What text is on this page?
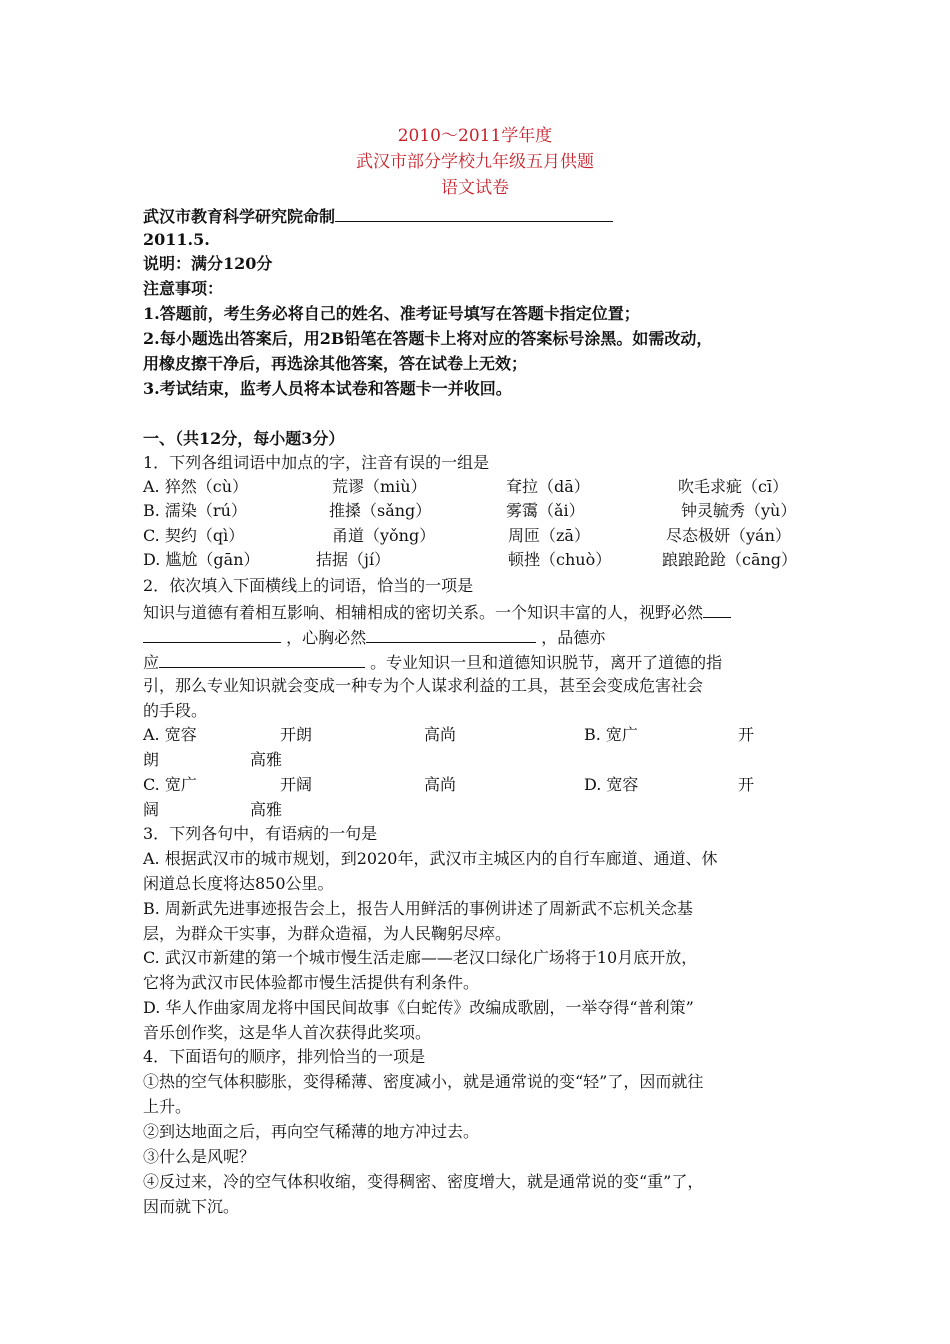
2010～2011学年度
武汉市部分学校九年级五月供题
语文试卷
武汉市教育科学研究院命制
2011.5.
说明：满分120分
注意事项：
1.答题前，考生务必将自己的姓名、准考证号填写在答题卡指定位置；
2.每小题选出答案后，用2B铅笔在答题卡上将对应的答案标号涂黑。如需改动，
用橡皮擦干净后，再选涂其他答案，答在试卷上无效；
3.考试结束，监考人员将本试卷和答题卡一并收回。
一、（共12分，每小题3分）
1．下列各组词语中加点的字，注音有误的一组是
A. 猝然（cù）	荒谬（miù）	耷拉（dā）	吹毛求疵（cī）
B. 濡染（rú）	推搡（sǎng）	雾霭（ǎi）	钟灵毓秀（yù）
C. 契约（qì）	甬道（yǒng）	周匝（zā）	尽态极妍（yán）
D. 尴尬（gān）	拮据（jí）	顿挫（chuò）	踉踉跄跄（cāng）
2．依次填入下面横线上的词语，恰当的一项是
知识与道德有着相互影响、相辅相成的密切关系。一个知识丰富的人，视野必然
，心胸必然	，品德亦
应	。专业知识一旦和道德知识脱节，离开了道德的指
引，那么专业知识就会变成一种专为个人谋求利益的工具，甚至会变成危害社会
的手段。
A. 宽容	开朗	高尚	B. 宽广	开
朗	高雅
C. 宽广	开阔	高尚	D. 宽容	开
阔	高雅
3．下列各句中，有语病的一句是
A. 根据武汉市的城市规划，到2020年，武汉市主城区内的自行车廊道、通道、休
闲道总长度将达850公里。
B. 周新武先进事迹报告会上，报告人用鲜活的事例讲述了周新武不忘机关念基
层，为群众干实事，为群众造福，为人民鞠躬尽瘁。
C. 武汉市新建的第一个城市慢生活走廊——老汉口绿化广场将于10月底开放，
它将为武汉市民体验都市慢生活提供有利条件。
D. 华人作曲家周龙将中国民间故事《白蛇传》改编成歌剧，一举夺得“普利策”
音乐创作奖，这是华人首次获得此奖项。
4．下面语句的顺序，排列恰当的一项是
①热的空气体积膨胀，变得稀薄、密度减小，就是通常说的变“轻”了，因而就往
上升。
②到达地面之后，再向空气稀薄的地方冲过去。
③什么是风呢？
④反过来，冷的空气体积收缩，变得稠密、密度增大，就是通常说的变“重”了，
因而就下沉。
